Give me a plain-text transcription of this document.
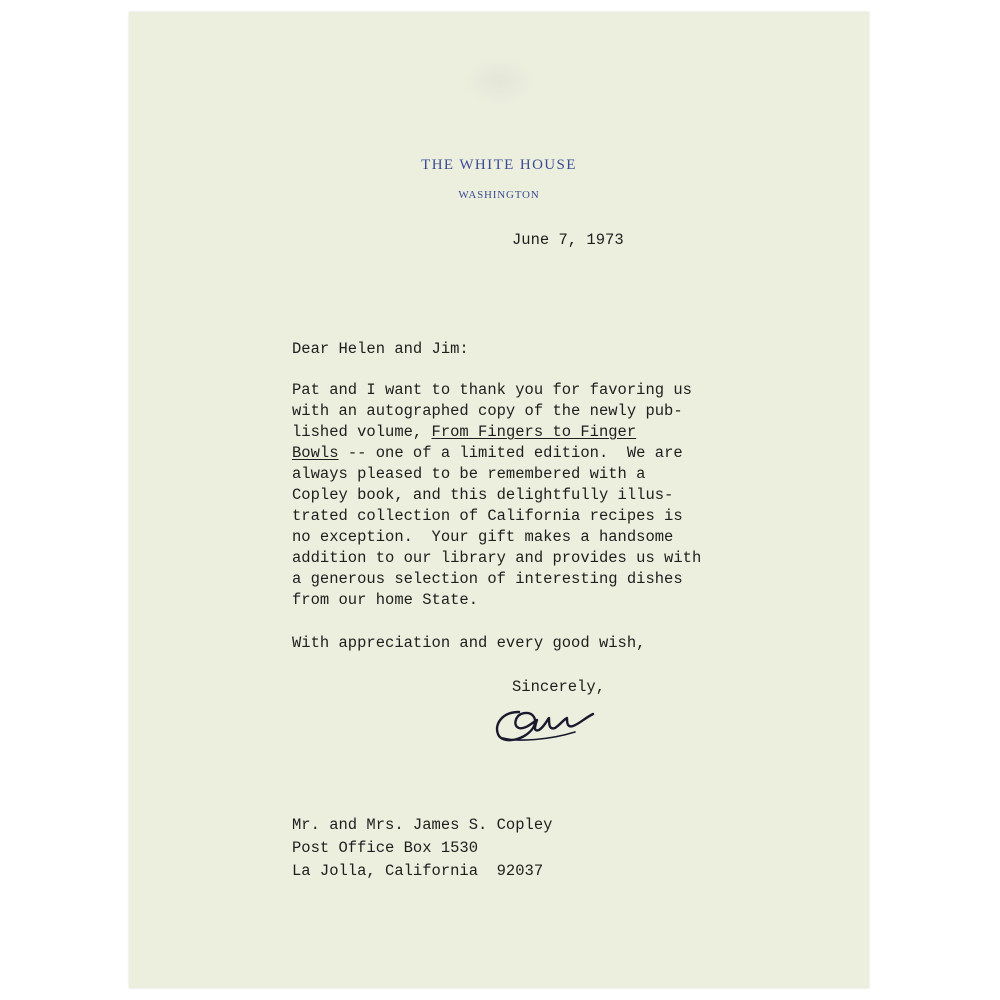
THE WHITE HOUSE
WASHINGTON
June 7, 1973
Dear Helen and Jim:
Pat and I want to thank you for favoring us
with an autographed copy of the newly pub-
lished volume, From Fingers to Finger
Bowls -- one of a limited edition.  We are
always pleased to be remembered with a
Copley book, and this delightfully illus-
trated collection of California recipes is
no exception.  Your gift makes a handsome
addition to our library and provides us with
a generous selection of interesting dishes
from our home State.
With appreciation and every good wish,
Sincerely,
Mr. and Mrs. James S. Copley
Post Office Box 1530
La Jolla, California  92037
